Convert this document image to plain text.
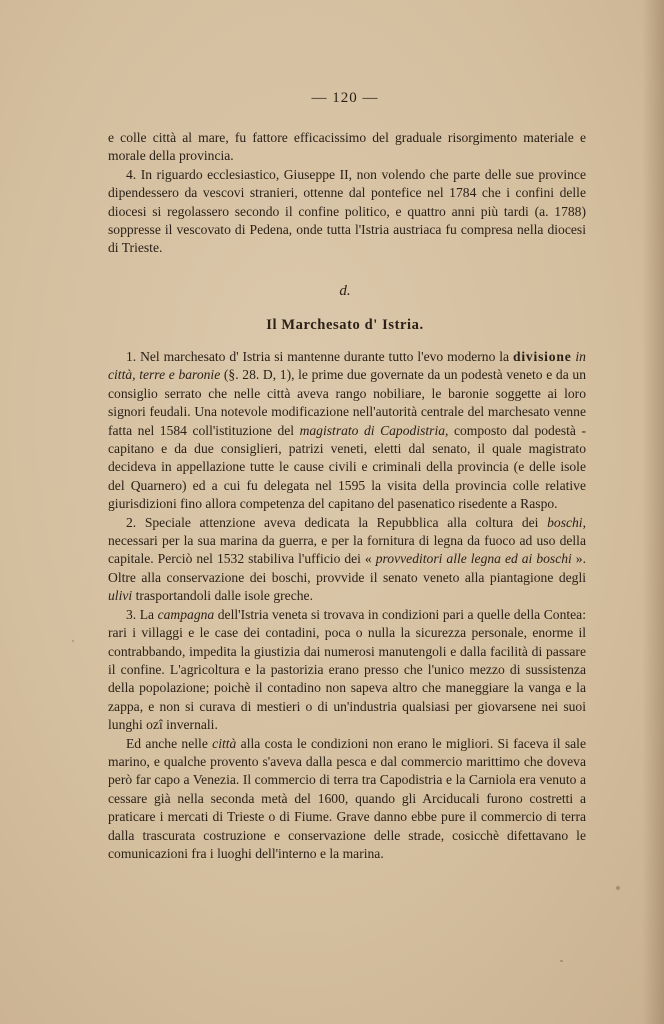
— 120 —

e colle città al mare, fu fattore efficacissimo del graduale risorgimento materiale e morale della provincia.

4. In riguardo ecclesiastico, Giuseppe II, non volendo che parte delle sue province dipendessero da vescovi stranieri, ottenne dal pontefice nel 1784 che i confini delle diocesi si regolassero secondo il confine politico, e quattro anni più tardi (a. 1788) soppresse il vescovato di Pedena, onde tutta l'Istria austriaca fu compresa nella diocesi di Trieste.

d.
Il Marchesato d' Istria.

1. Nel marchesato d' Istria si mantenne durante tutto l'evo moderno la divisione in città, terre e baronie (§. 28. D, 1), le prime due governate da un podestà veneto e da un consiglio serrato che nelle città aveva rango nobiliare, le baronie soggette ai loro signori feudali. Una notevole modificazione nell'autorità centrale del marchesato venne fatta nel 1584 coll'istituzione del magistrato di Capodistria, composto dal podestà - capitano e da due consiglieri, patrizi veneti, eletti dal senato, il quale magistrato decideva in appellazione tutte le cause civili e criminali della provincia (e delle isole del Quarnero) ed a cui fu delegata nel 1595 la visita della provincia colle relative giurisdizioni fino allora competenza del capitano del pasenatico risedente a Raspo.

2. Speciale attenzione aveva dedicata la Repubblica alla coltura dei boschi, necessari per la sua marina da guerra, e per la fornitura di legna da fuoco ad uso della capitale. Perciò nel 1532 stabiliva l'ufficio dei « provveditori alle legna ed ai boschi ». Oltre alla conservazione dei boschi, provvide il senato veneto alla piantagione degli ulivi trasportandoli dalle isole greche.

3. La campagna dell'Istria veneta si trovava in condizioni pari a quelle della Contea: rari i villaggi e le case dei contadini, poca o nulla la sicurezza personale, enorme il contrabbando, impedita la giustizia dai numerosi manutengoli e dalla facilità di passare il confine. L'agricoltura e la pastorizia erano presso che l'unico mezzo di sussistenza della popolazione; poichè il contadino non sapeva altro che maneggiare la vanga e la zappa, e non si curava di mestieri o di un'industria qualsiasi per giovarsene nei suoi lunghi ozî invernali.

Ed anche nelle città alla costa le condizioni non erano le migliori. Si faceva il sale marino, e qualche provento s'aveva dalla pesca e dal commercio marittimo che doveva però far capo a Venezia. Il commercio di terra tra Capodistria e la Carniola era venuto a cessare già nella seconda metà del 1600, quando gli Arciducali furono costretti a praticare i mercati di Trieste o di Fiume. Grave danno ebbe pure il commercio di terra dalla trascurata costruzione e conservazione delle strade, cosicchè difettavano le comunicazioni fra i luoghi dell'interno e la marina.
